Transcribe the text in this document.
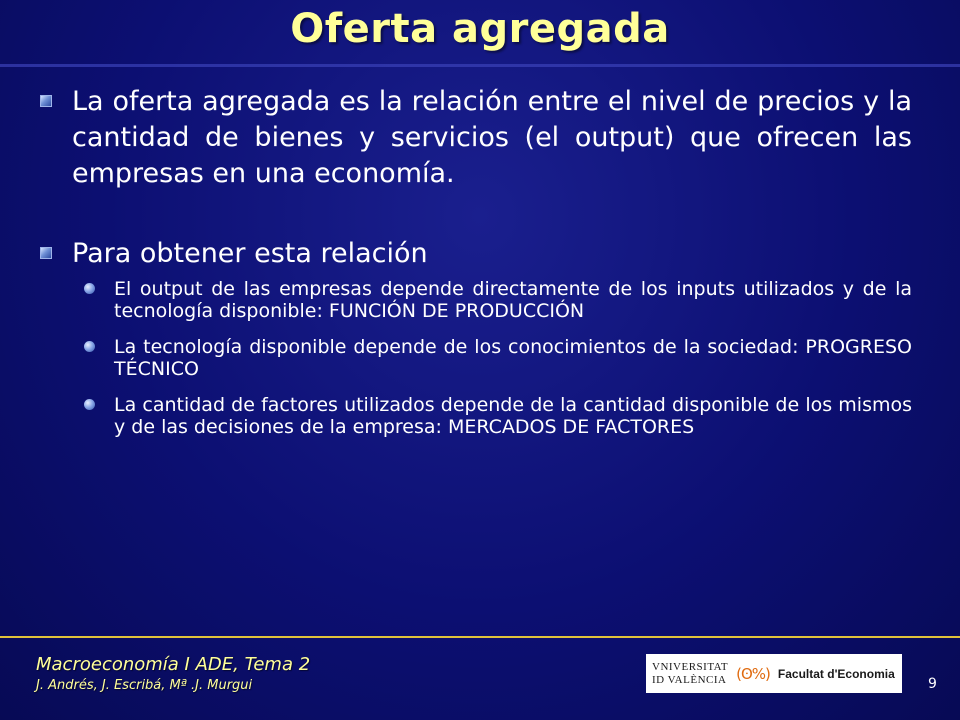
Oferta agregada
La oferta agregada es la relación entre el nivel de precios y la cantidad de bienes y servicios (el output) que ofrecen las empresas en una economía.
Para obtener esta relación
El output de las empresas depende directamente de los inputs utilizados y de la tecnología disponible: FUNCIÓN DE PRODUCCIÓN
La tecnología disponible depende de los conocimientos de la sociedad: PROGRESO TÉCNICO
La cantidad de factores utilizados depende de la cantidad disponible de los mismos y de las decisiones de la empresa: MERCADOS DE FACTORES
Macroeconomía I ADE, Tema 2
J. Andrés, J. Escribá, Mª .J. Murgui
VNIVERSITAT
ID VALÈNCIA (ʘ%) Facultat d'Economia
9
